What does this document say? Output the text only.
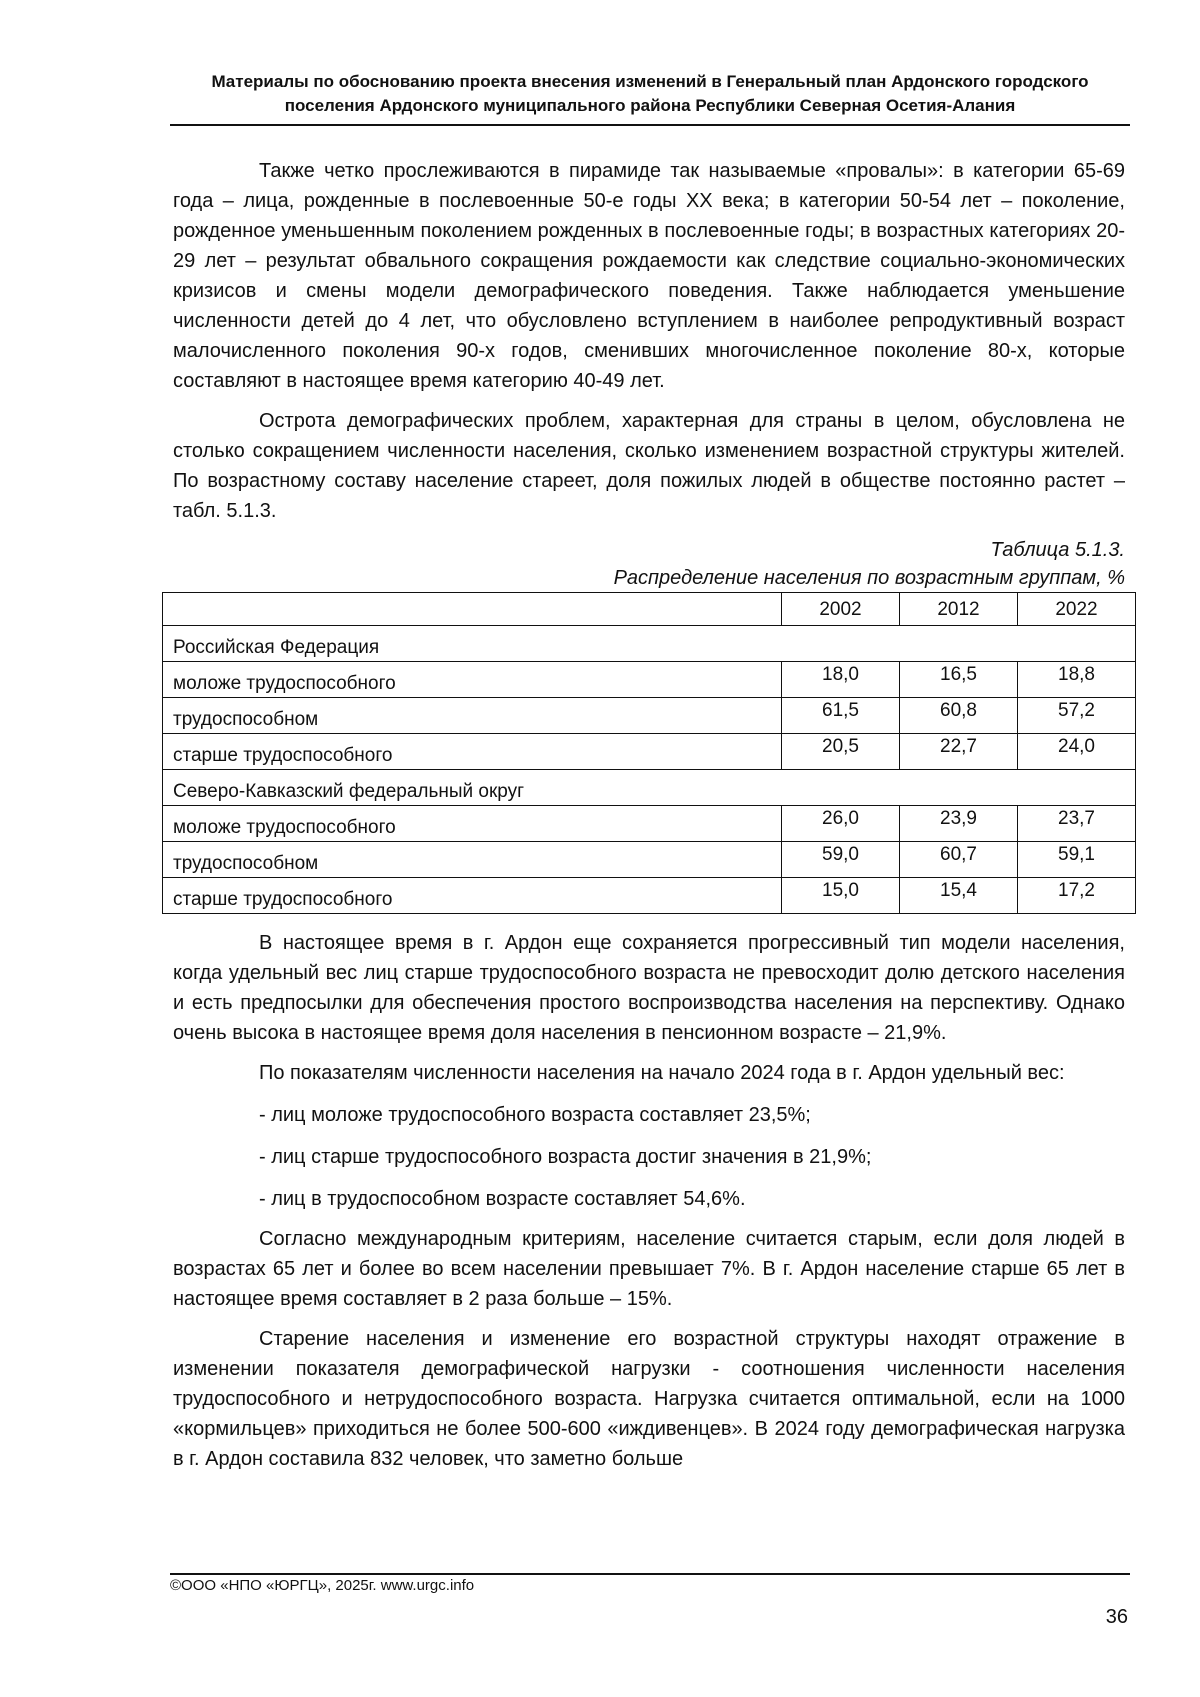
Материалы по обоснованию проекта внесения изменений в Генеральный план Ардонского городского
поселения Ардонского муниципального района Республики Северная Осетия-Алания

Также четко прослеживаются в пирамиде так называемые «провалы»: в категории 65-69 года – лица, рожденные в послевоенные 50-е годы XX века; в категории 50-54 лет – поколение, рожденное уменьшенным поколением рожденных в послевоенные годы; в возрастных категориях 20-29 лет – результат обвального сокращения рождаемости как следствие социально-экономических кризисов и смены модели демографического поведения. Также наблюдается уменьшение численности детей до 4 лет, что обусловлено вступлением в наиболее репродуктивный возраст малочисленного поколения 90-х годов, сменивших многочисленное поколение 80-х, которые составляют в настоящее время категорию 40-49 лет.

Острота демографических проблем, характерная для страны в целом, обусловлена не столько сокращением численности населения, сколько изменением возрастной структуры жителей. По возрастному составу население стареет, доля пожилых людей в обществе постоянно растет – табл. 5.1.3.

Таблица 5.1.3.
Распределение населения по возрастным группам, %
	2002	2012	2022
Российская Федерация			
моложе трудоспособного	18,0	16,5	18,8
трудоспособном	61,5	60,8	57,2
старше трудоспособного	20,5	22,7	24,0
Северо-Кавказский федеральный округ			
моложе трудоспособного	26,0	23,9	23,7
трудоспособном	59,0	60,7	59,1
старше трудоспособного	15,0	15,4	17,2

В настоящее время в г. Ардон еще сохраняется прогрессивный тип модели населения, когда удельный вес лиц старше трудоспособного возраста не превосходит долю детского населения и есть предпосылки для обеспечения простого воспроизводства населения на перспективу. Однако очень высока в настоящее время доля населения в пенсионном возрасте – 21,9%.

По показателям численности населения на начало 2024 года в г. Ардон удельный вес:

- лиц моложе трудоспособного возраста составляет 23,5%;

- лиц старше трудоспособного возраста достиг значения в 21,9%;

- лиц в трудоспособном возрасте составляет 54,6%.

Согласно международным критериям, население считается старым, если доля людей в возрастах 65 лет и более во всем населении превышает 7%. В г. Ардон население старше 65 лет в настоящее время составляет в 2 раза больше – 15%.

Старение населения и изменение его возрастной структуры находят отражение в изменении показателя демографической нагрузки - соотношения численности населения трудоспособного и нетрудоспособного возраста. Нагрузка считается оптимальной, если на 1000 «кормильцев» приходиться не более 500-600 «иждивенцев». В 2024 году демографическая нагрузка в г. Ардон составила 832 человек, что заметно больше

©ООО «НПО «ЮРГЦ», 2025г. www.urgc.info
36
